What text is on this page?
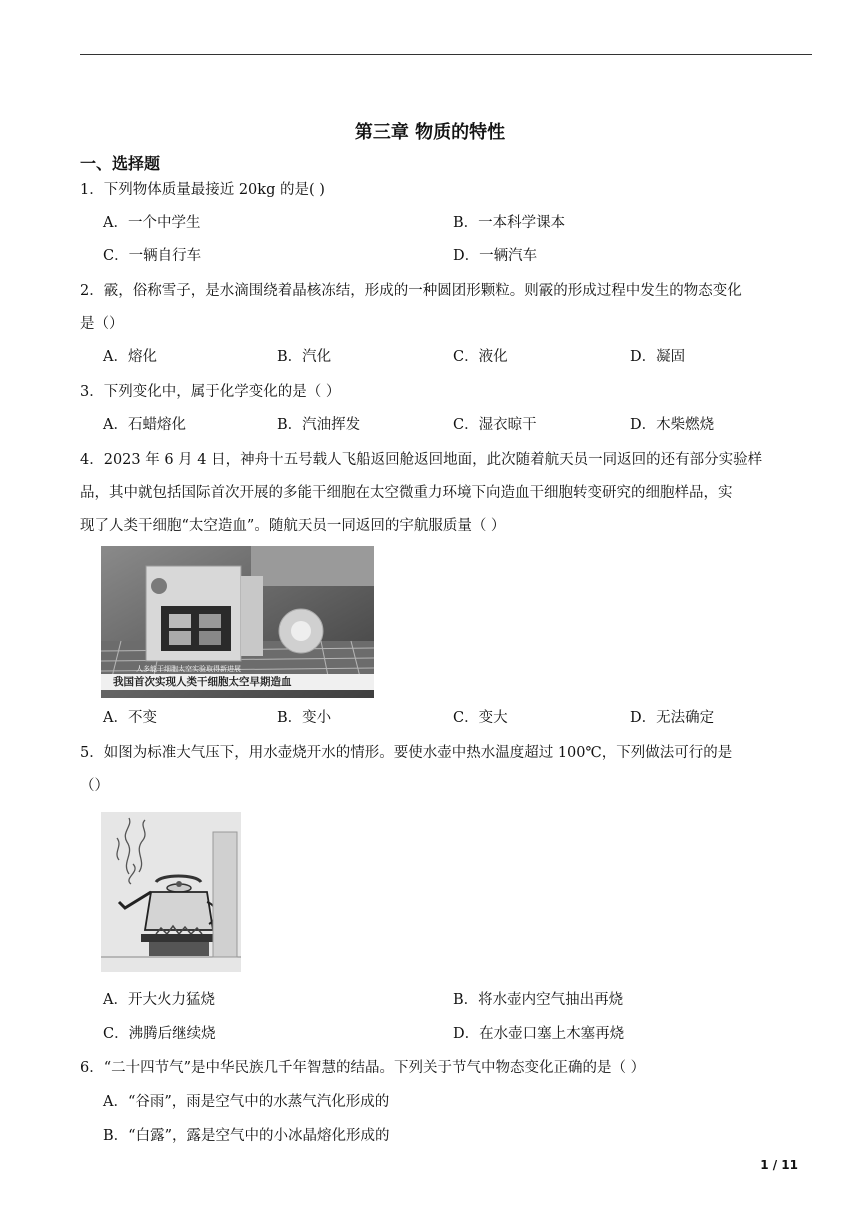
第三章 物质的特性
一、选择题
1．下列物体质量最接近 20kg 的是( )
A．一个中学生	B．一本科学课本
C．一辆自行车	D．一辆汽车
2．霰，俗称雪子，是水滴围绕着晶核冻结，形成的一种圆团形颗粒。则霰的形成过程中发生的物态变化
是（）
A．熔化	B．汽化	C．液化	D．凝固
3．下列变化中，属于化学变化的是（ ）
A．石蜡熔化	B．汽油挥发	C．湿衣晾干	D．木柴燃烧
4．2023 年 6 月 4 日，神舟十五号载人飞船返回舱返回地面，此次随着航天员一同返回的还有部分实验样
品，其中就包括国际首次开展的多能干细胞在太空微重力环境下向造血干细胞转变研究的细胞样品，实
现了人类干细胞“太空造血”。随航天员一同返回的宇航服质量（ ）
人多能干细胞太空实验取得新进展
我国首次实现人类干细胞太空早期造血
A．不变	B．变小	C．变大	D．无法确定
5．如图为标准大气压下，用水壶烧开水的情形。要使水壶中热水温度超过 100℃，下列做法可行的是
（）
A．开大火力猛烧	B．将水壶内空气抽出再烧
C．沸腾后继续烧	D．在水壶口塞上木塞再烧
6．“二十四节气”是中华民族几千年智慧的结晶。下列关于节气中物态变化正确的是（ ）
A．“谷雨”，雨是空气中的水蒸气汽化形成的
B．“白露”，露是空气中的小冰晶熔化形成的
1 / 11
